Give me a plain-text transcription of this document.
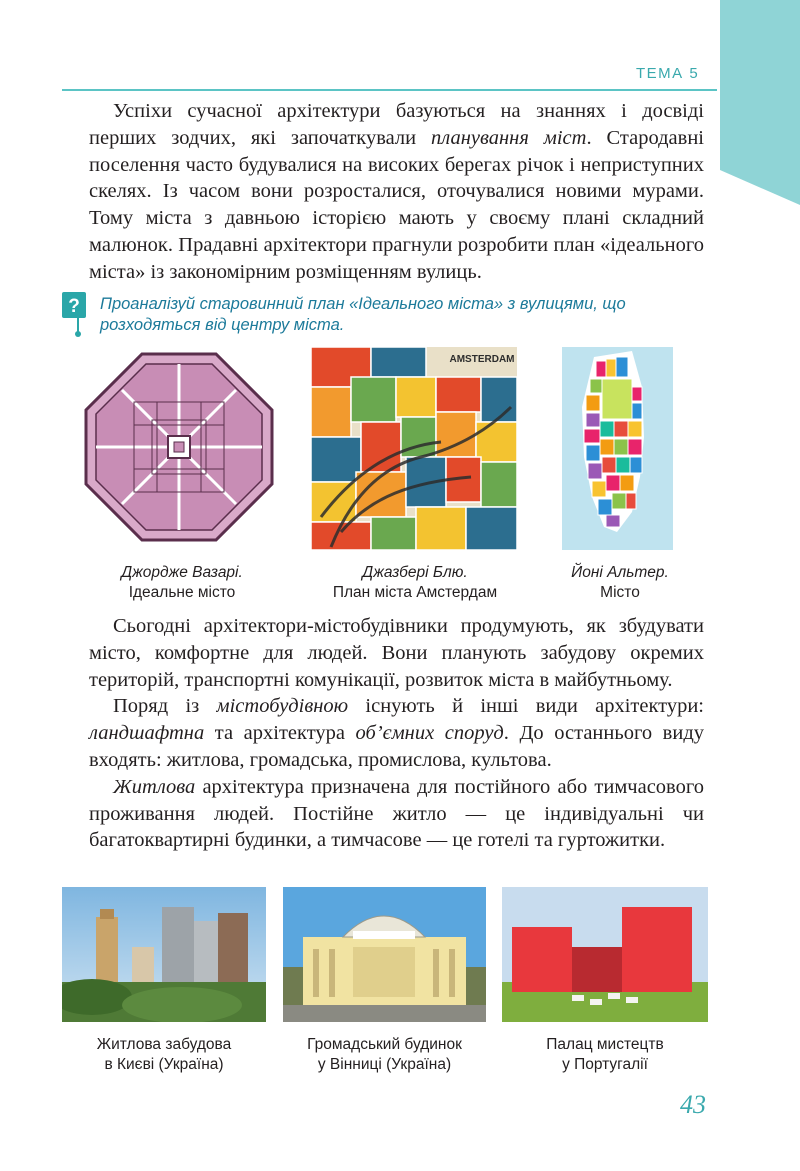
ТЕМА 5

Успіхи сучасної архітектури базуються на знаннях і досвіді перших зодчих, які започаткували планування міст. Стародавні поселення часто будувалися на високих берегах річок і неприступних скелях. Із часом вони розросталися, оточувалися новими мурами. Тому міста з давньою історією мають у своєму плані складний малюнок. Прадавні архітектори прагнули розробити план «ідеального міста» із закономірним розміщенням вулиць.

? Проаналізуй старовинний план «Ідеального міста» з вулицями, що розходяться від центру міста.
AMSTERDAM
Джордже Вазарі.
Ідеальне місто
Джазбері Блю.
План міста Амстердам
Йоні Альтер.
Місто

Сьогодні архітектори-містобудівники продумують, як збудувати місто, комфортне для людей. Вони планують забудову окремих територій, транспортні комунікації, розвиток міста в майбутньому.

Поряд із містобудівною існують й інші види архітектури: ландшафтна та архітектура об’ємних споруд. До останнього виду входять: житлова, громадська, промислова, культова.

Житлова архітектура призначена для постійного або тимчасового проживання людей. Постійне житло — це індивідуальні чи багатоквартирні будинки, а тимчасове — це готелі та гуртожитки.

Житлова забудова
в Києві (Україна)
Громадський будинок
у Вінниці (Україна)
Палац мистецтв
у Португалії
43
